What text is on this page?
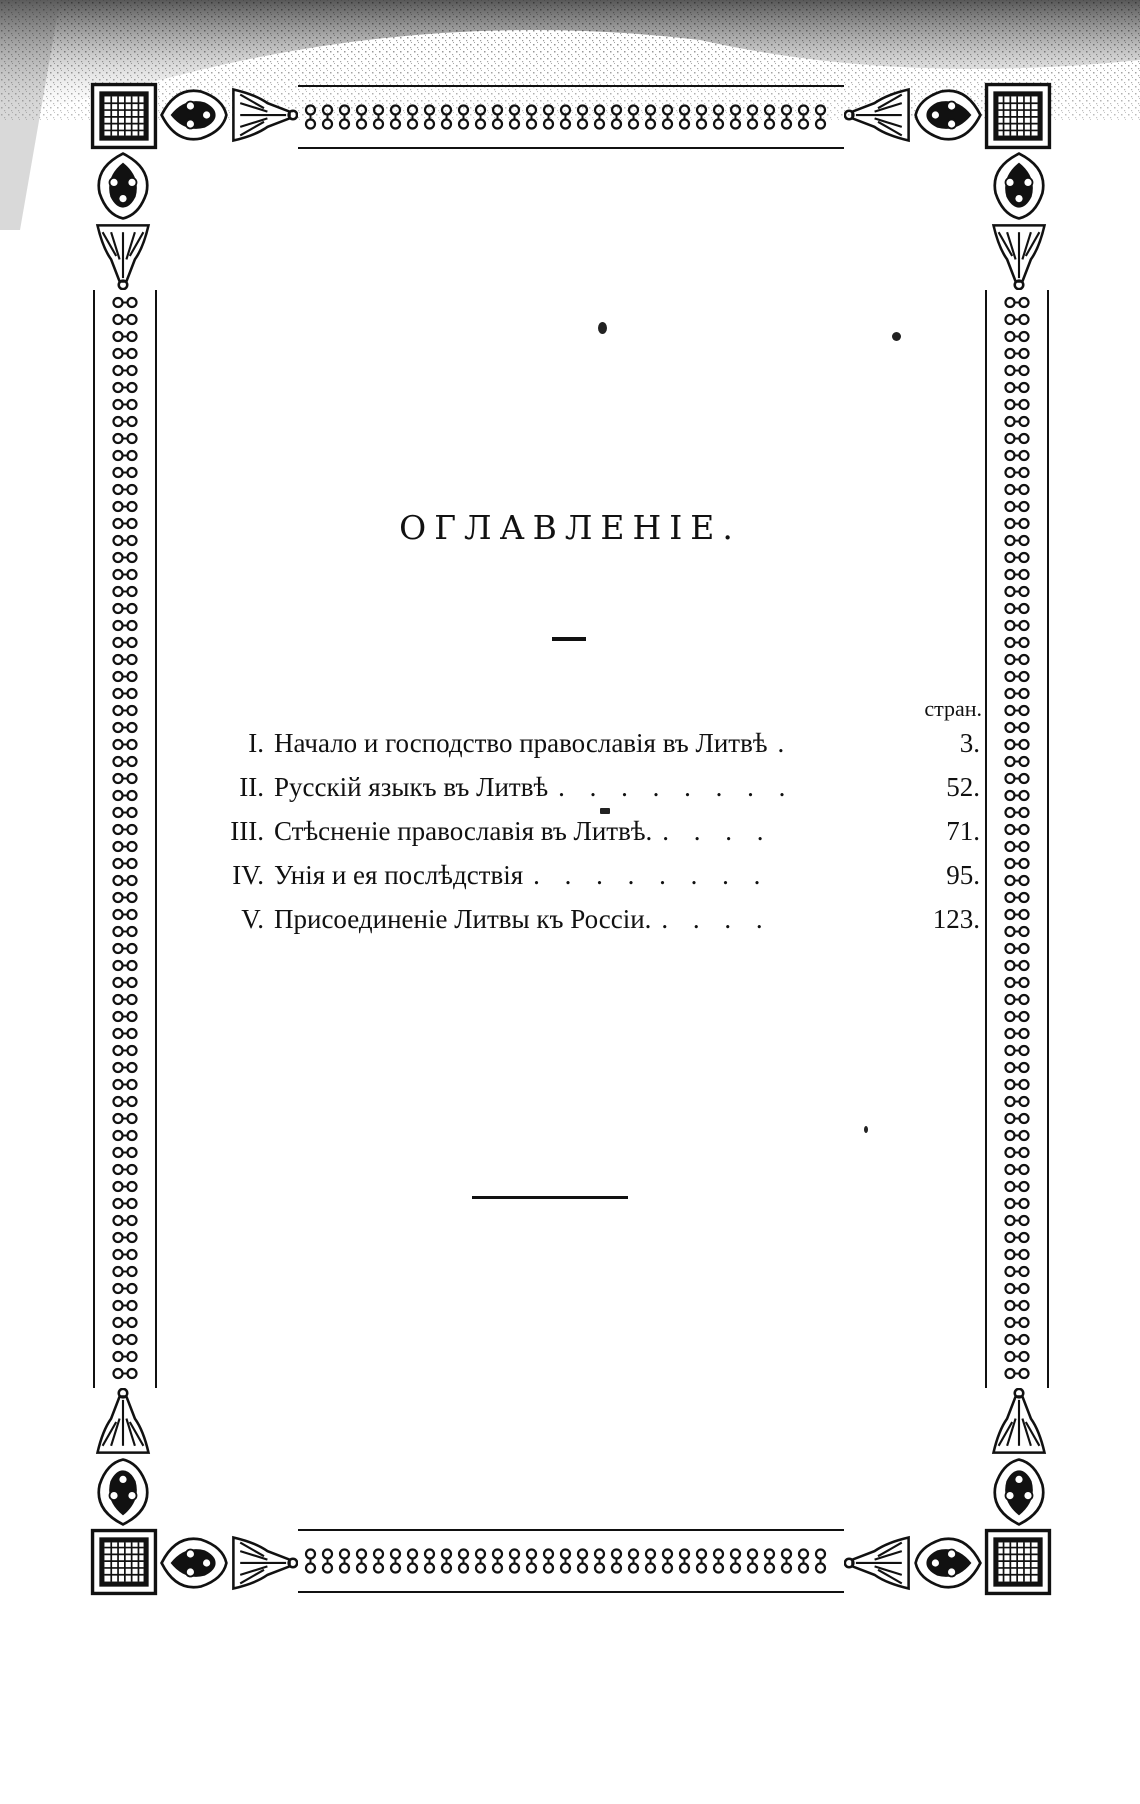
ОГЛАВЛЕНІЕ.
стран.
I. Начало и господство православія въ Литвѣ .	3.
II. Русскій языкъ въ Литвѣ . . . . . . . .	52.
III. Стѣсненіе православія въ Литвѣ. . . . .	71.
IV. Унія и ея послѣдствія . . . . . . . .	95.
V. Присоединеніе Литвы къ Россіи. . . . .	123.
